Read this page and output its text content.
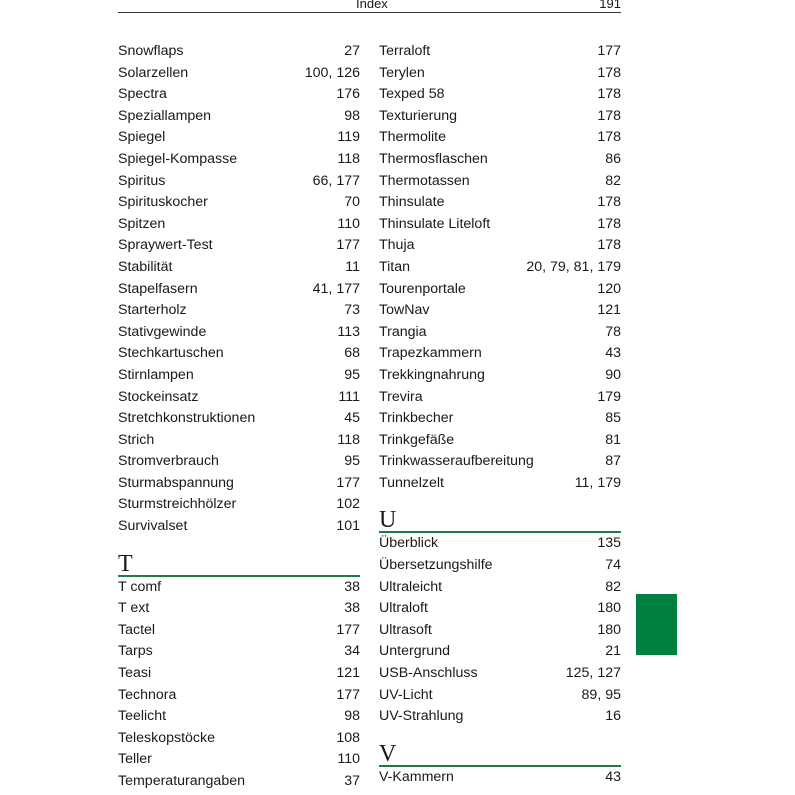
Index	191
Snowflaps	27
Solarzellen	100, 126
Spectra	176
Speziallampen	98
Spiegel	119
Spiegel-Kompasse	118
Spiritus	66, 177
Spirituskocher	70
Spitzen	110
Spraywert-Test	177
Stabilität	11
Stapelfasern	41, 177
Starterholz	73
Stativgewinde	113
Stechkartuschen	68
Stirnlampen	95
Stockeinsatz	111
Stretchkonstruktionen	45
Strich	118
Stromverbrauch	95
Sturmabspannung	177
Sturmstreichhölzer	102
Survivalset	101
T
T comf	38
T ext	38
Tactel	177
Tarps	34
Teasi	121
Technora	177
Teelicht	98
Teleskopstöcke	108
Teller	110
Temperaturangaben	37
Terraloft	177
Terylen	178
Texped 58	178
Texturierung	178
Thermolite	178
Thermosflaschen	86
Thermotassen	82
Thinsulate	178
Thinsulate Liteloft	178
Thuja	178
Titan	20, 79, 81, 179
Tourenportale	120
TowNav	121
Trangia	78
Trapezkammern	43
Trekkingnahrung	90
Trevira	179
Trinkbecher	85
Trinkgefäße	81
Trinkwasseraufbereitung	87
Tunnelzelt	11, 179
U
Überblick	135
Übersetzungshilfe	74
Ultraleicht	82
Ultraloft	180
Ultrasoft	180
Untergrund	21
USB-Anschluss	125, 127
UV-Licht	89, 95
UV-Strahlung	16
V
V-Kammern	43
